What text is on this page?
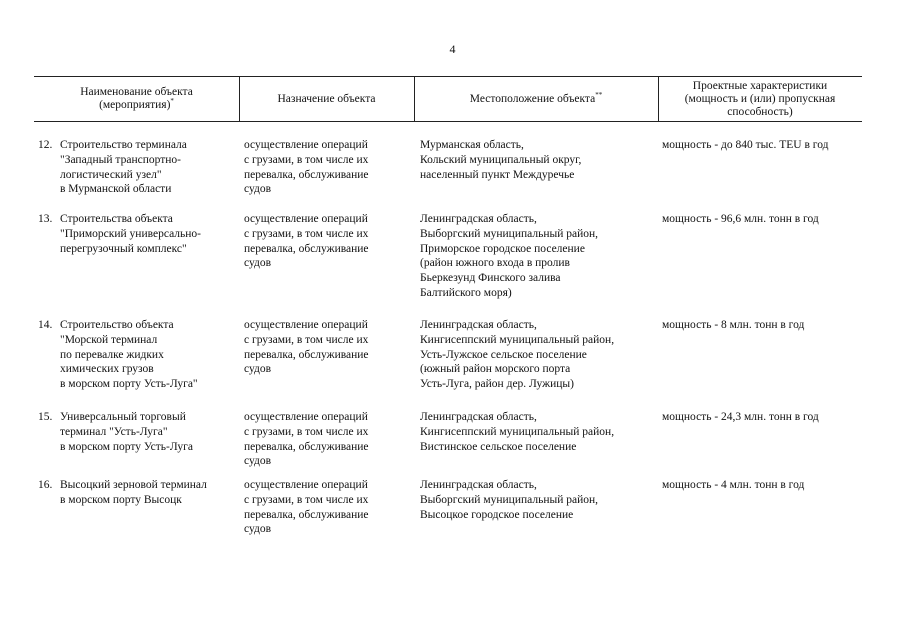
4
Наименование объекта
(мероприятия)*	Назначение объекта	Местоположение объекта**
Проектные характеристики
(мощность и (или) пропускная
способность)
12. Строительство терминала
"Западный транспортно-
логистический узел"
в Мурманской области
осуществление операций
с грузами, в том числе их
перевалка, обслуживание
судов
Мурманская область,
Кольский муниципальный округ,
населенный пункт Междуречье
мощность - до 840 тыс. TEU в год
13. Строительства объекта
"Приморский универсально-
перегрузочный комплекс"
осуществление операций
с грузами, в том числе их
перевалка, обслуживание
судов
Ленинградская область,
Выборгский муниципальный район,
Приморское городское поселение
(район южного входа в пролив
Бьеркезунд Финского залива
Балтийского моря)
мощность - 96,6 млн. тонн в год
14. Строительство объекта
"Морской терминал
по перевалке жидких
химических грузов
в морском порту Усть-Луга"
осуществление операций
с грузами, в том числе их
перевалка, обслуживание
судов
Ленинградская область,
Кингисеппский муниципальный район,
Усть-Лужское сельское поселение
(южный район морского порта
Усть-Луга, район дер. Лужицы)
мощность - 8 млн. тонн в год
15. Универсальный торговый
терминал "Усть-Луга"
в морском порту Усть-Луга
осуществление операций
с грузами, в том числе их
перевалка, обслуживание
судов
Ленинградская область,
Кингисеппский муниципальный район,
Вистинское сельское поселение
мощность - 24,3 млн. тонн в год
16. Высоцкий зерновой терминал
в морском порту Высоцк
осуществление операций
с грузами, в том числе их
перевалка, обслуживание
судов
Ленинградская область,
Выборгский муниципальный район,
Высоцкое городское поселение
мощность - 4 млн. тонн в год
